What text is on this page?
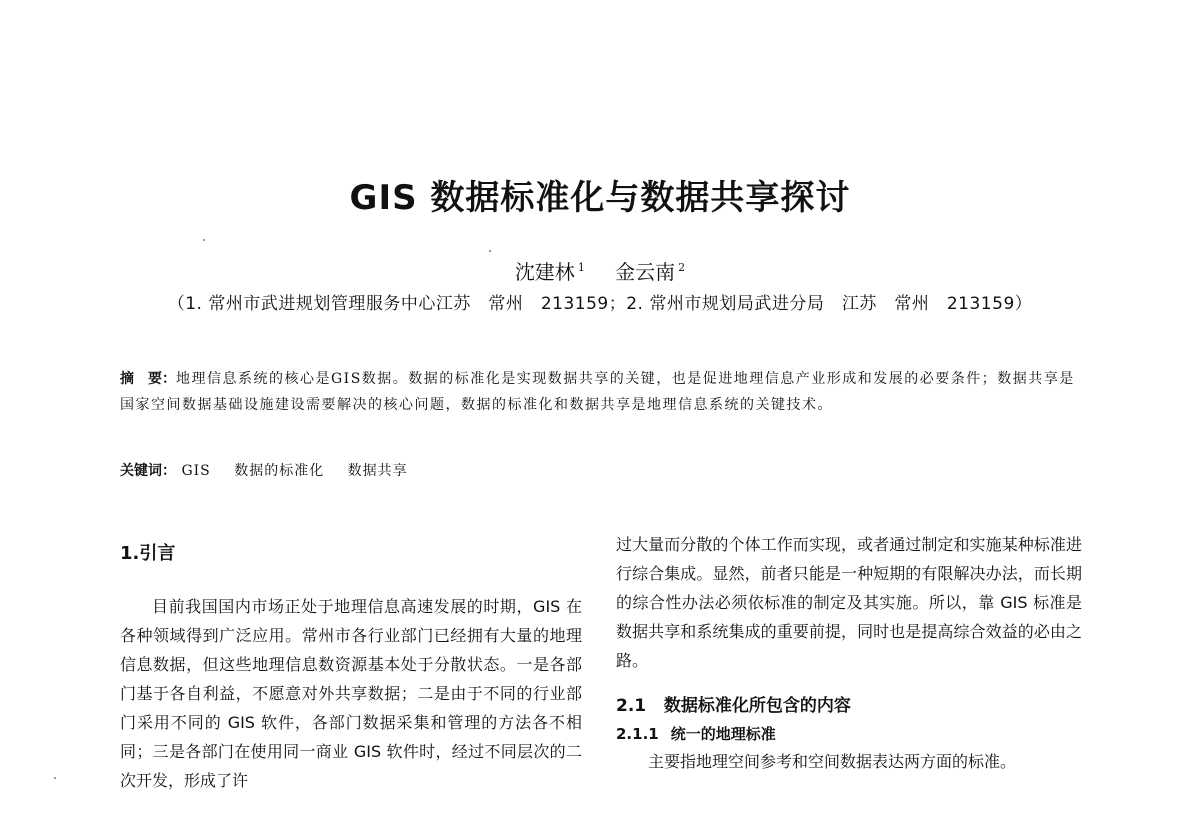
GIS 数据标准化与数据共享探讨
沈建林 $^1$ 金云南 $^2$
（1. 常州市武进规划管理服务中心江苏　常州　213159；2. 常州市规划局武进分局　江苏　常州　213159）
摘　要：地理信息系统的核心是GIS数据。数据的标准化是实现数据共享的关键，也是促进地理信息产业形成和发展的必要条件；数据共享是国家空间数据基础设施建设需要解决的核心问题，数据的标准化和数据共享是地理信息系统的关键技术。
关键词： GIS 数据的标准化 数据共享
1.引言

目前我国国内市场正处于地理信息高速发展的时期，GIS 在各种领域得到广泛应用。常州市各行业部门已经拥有大量的地理信息数据，但这些地理信息数资源基本处于分散状态。一是各部门基于各自利益，不愿意对外共享数据；二是由于不同的行业部门采用不同的 GIS 软件，各部门数据采集和管理的方法各不相同；三是各部门在使用同一商业 GIS 软件时，经过不同层次的二次开发，形成了许

过大量而分散的个体工作而实现，或者通过制定和实施某种标准进行综合集成。显然，前者只能是一种短期的有限解决办法，而长期的综合性办法必须依标准的制定及其实施。所以，靠 GIS 标准是数据共享和系统集成的重要前提，同时也是提高综合效益的必由之路。

2.1 数据标准化所包含的内容
2.1.1 统一的地理标准

主要指地理空间参考和空间数据表达两方面的标准。
